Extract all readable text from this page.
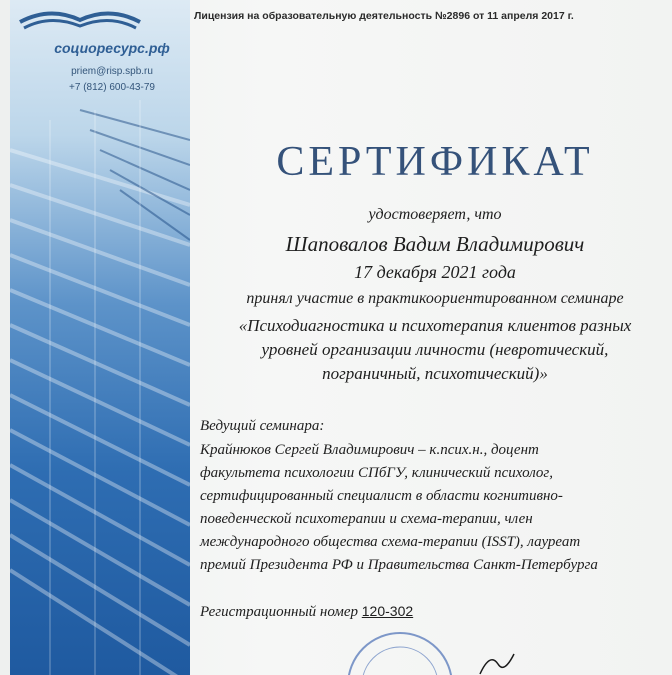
социоресурс.рф
priem@risp.spb.ru
+7 (812) 600-43-79
Лицензия на образовательную деятельность №2896 от 11 апреля 2017 г.
СЕРТИФИКАТ
удостоверяет, что
Шаповалов Вадим Владимирович
17 декабря 2021 года
принял участие в практикоориентированном семинаре
«Психодиагностика и психотерапия клиентов разных
уровней организации личности (невротический,
пограничный, психотический)»
Ведущий семинара:
Крайнюков Сергей Владимирович – к.псих.н., доцент
факультета психологии СПбГУ, клинический психолог,
сертифицированный специалист в области когнитивно-
поведенческой психотерапии и схема-терапии, член
международного общества схема-терапии (ISST), лауреат
премий Президента РФ и Правительства Санкт-Петербурга
Регистрационный номер 120-302
